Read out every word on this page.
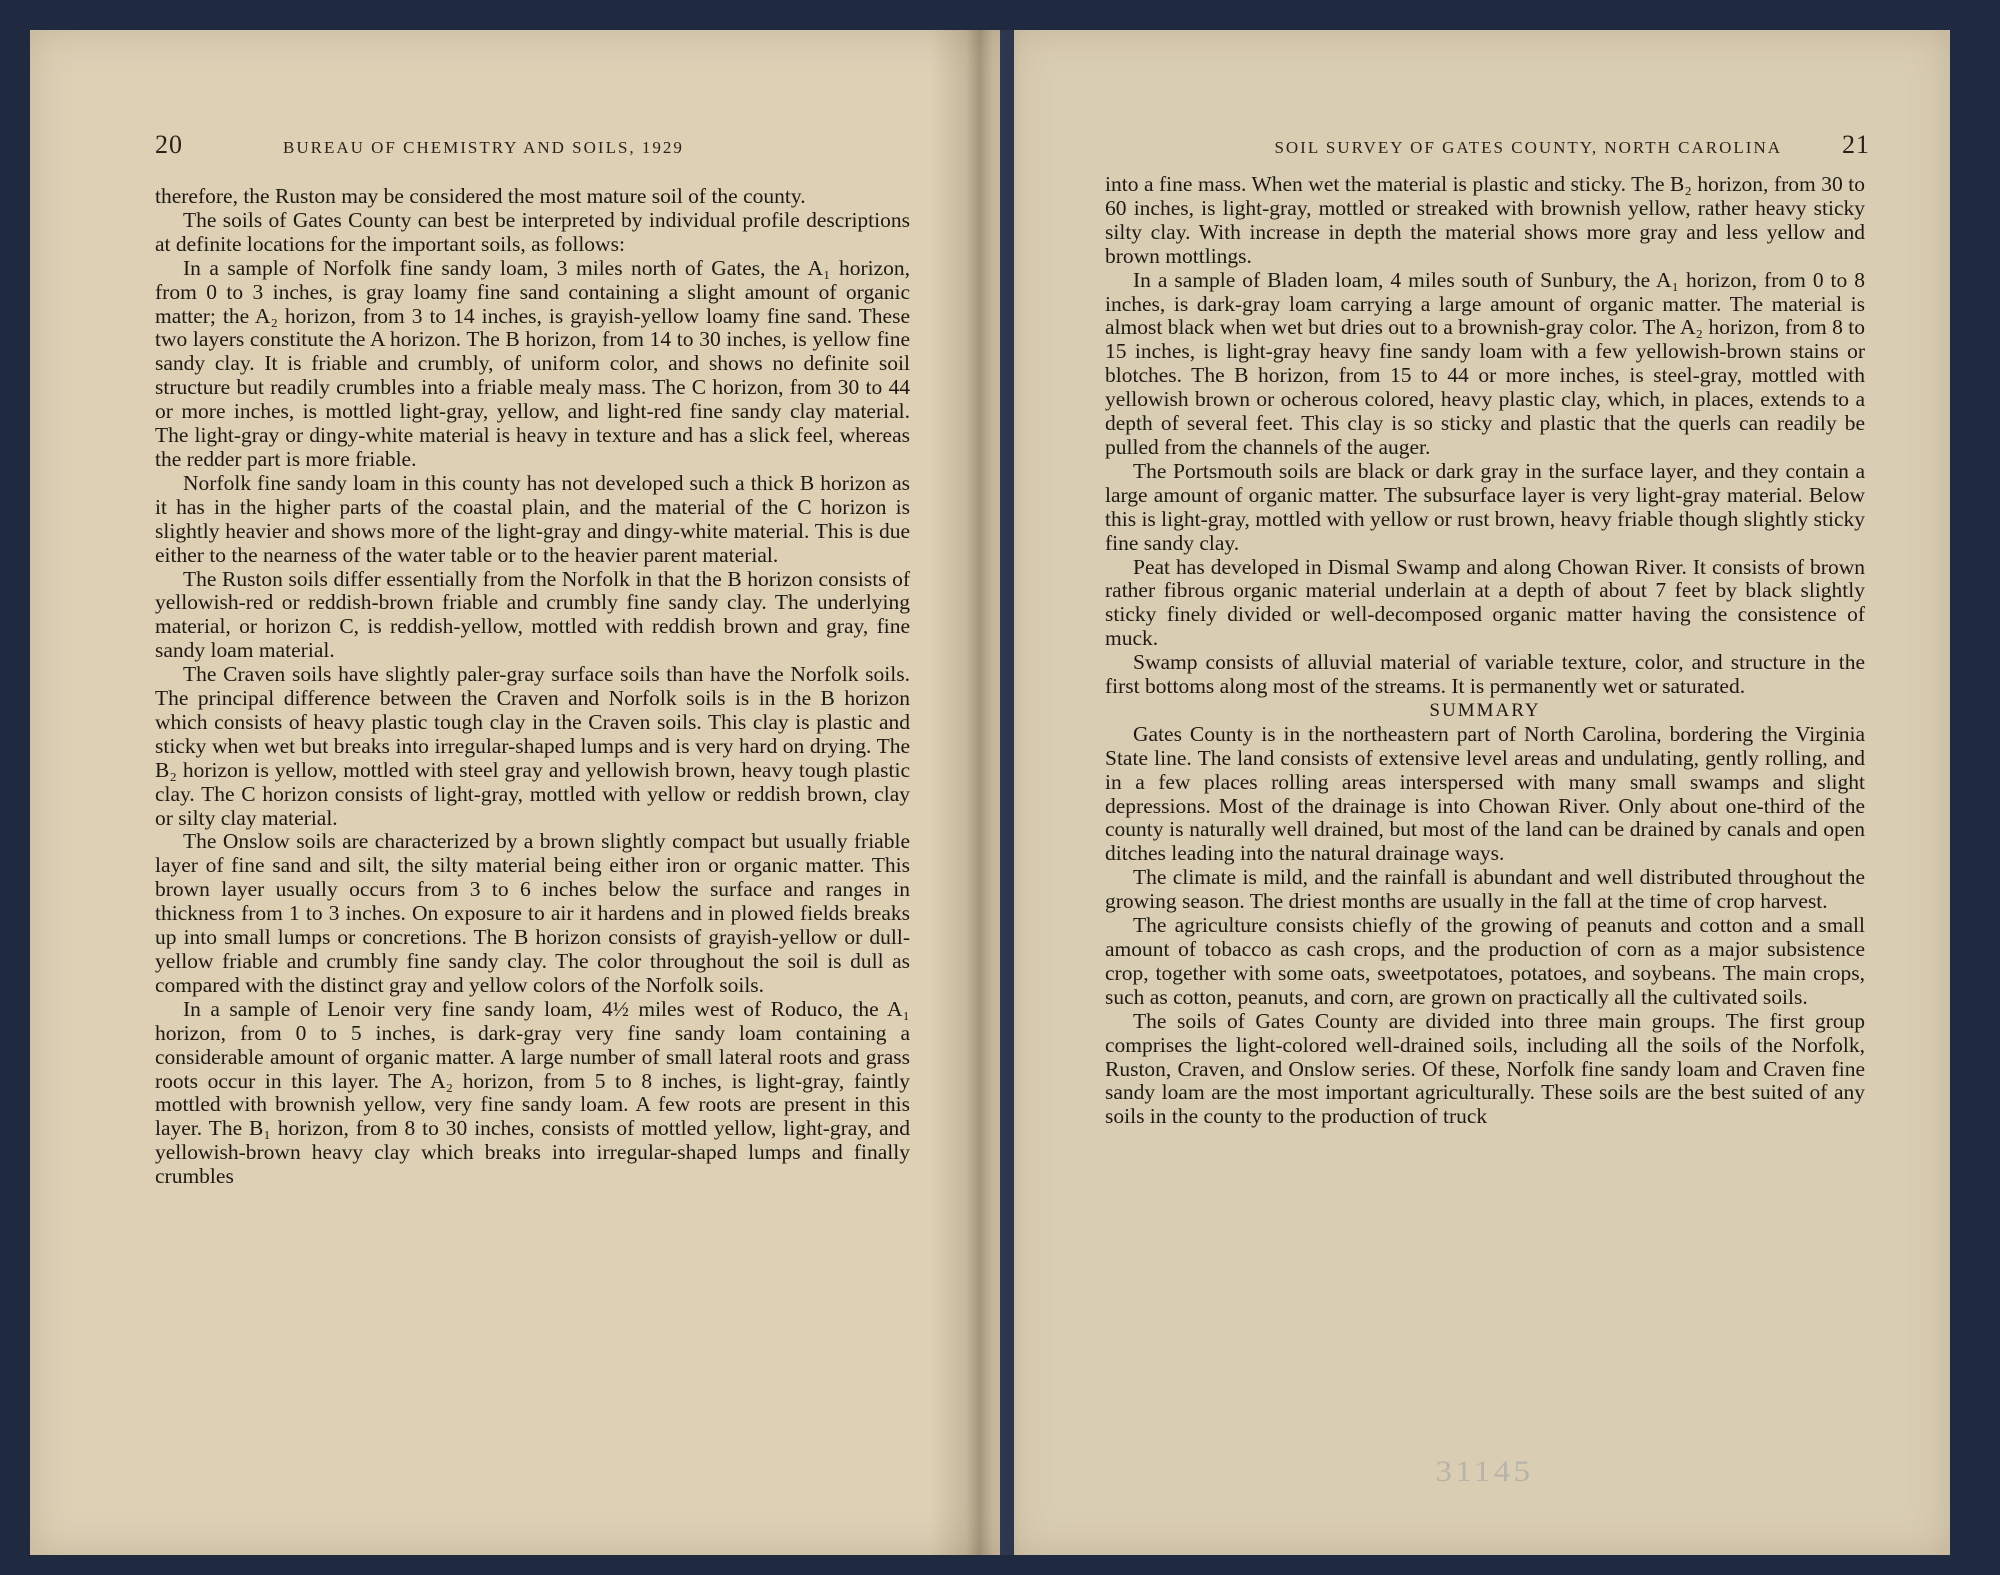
20	BUREAU OF CHEMISTRY AND SOILS, 1929	SOIL SURVEY OF GATES COUNTY, NORTH CAROLINA 21

therefore, the Ruston may be considered the most mature soil of the county.

The soils of Gates County can best be interpreted by individual profile descriptions at definite locations for the important soils, as follows:

In a sample of Norfolk fine sandy loam, 3 miles north of Gates, the A₁ horizon, from 0 to 3 inches, is gray loamy fine sand containing a slight amount of organic matter; the A₂ horizon, from 3 to 14 inches, is grayish-yellow loamy fine sand. These two layers constitute the A horizon. The B horizon, from 14 to 30 inches, is yellow fine sandy clay. It is friable and crumbly, of uniform color, and shows no definite soil structure but readily crumbles into a friable mealy mass. The C horizon, from 30 to 44 or more inches, is mottled light-gray, yellow, and light-red fine sandy clay material. The light-gray or dingy-white material is heavy in texture and has a slick feel, whereas the redder part is more friable.

Norfolk fine sandy loam in this county has not developed such a thick B horizon as it has in the higher parts of the coastal plain, and the material of the C horizon is slightly heavier and shows more of the light-gray and dingy-white material. This is due either to the nearness of the water table or to the heavier parent material.

The Ruston soils differ essentially from the Norfolk in that the B horizon consists of yellowish-red or reddish-brown friable and crumbly fine sandy clay. The underlying material, or horizon C, is reddish-yellow, mottled with reddish brown and gray, fine sandy loam material.

The Craven soils have slightly paler-gray surface soils than have the Norfolk soils. The principal difference between the Craven and Norfolk soils is in the B horizon which consists of heavy plastic tough clay in the Craven soils. This clay is plastic and sticky when wet but breaks into irregular-shaped lumps and is very hard on drying. The B₂ horizon is yellow, mottled with steel gray and yellowish brown, heavy tough plastic clay. The C horizon consists of light-gray, mottled with yellow or reddish brown, clay or silty clay material.

The Onslow soils are characterized by a brown slightly compact but usually friable layer of fine sand and silt, the silty material being either iron or organic matter. This brown layer usually occurs from 3 to 6 inches below the surface and ranges in thickness from 1 to 3 inches. On exposure to air it hardens and in plowed fields breaks up into small lumps or concretions. The B horizon consists of grayish-yellow or dull-yellow friable and crumbly fine sandy clay. The color throughout the soil is dull as compared with the distinct gray and yellow colors of the Norfolk soils.

In a sample of Lenoir very fine sandy loam, 4½ miles west of Roduco, the A₁ horizon, from 0 to 5 inches, is dark-gray very fine sandy loam containing a considerable amount of organic matter. A large number of small lateral roots and grass roots occur in this layer. The A₂ horizon, from 5 to 8 inches, is light-gray, faintly mottled with brownish yellow, very fine sandy loam. A few roots are present in this layer. The B₁ horizon, from 8 to 30 inches, consists of mottled yellow, light-gray, and yellowish-brown heavy clay which breaks into irregular-shaped lumps and finally crumbles

into a fine mass. When wet the material is plastic and sticky. The B₂ horizon, from 30 to 60 inches, is light-gray, mottled or streaked with brownish yellow, rather heavy sticky silty clay. With increase in depth the material shows more gray and less yellow and brown mottlings.

In a sample of Bladen loam, 4 miles south of Sunbury, the A₁ horizon, from 0 to 8 inches, is dark-gray loam carrying a large amount of organic matter. The material is almost black when wet but dries out to a brownish-gray color. The A₂ horizon, from 8 to 15 inches, is light-gray heavy fine sandy loam with a few yellowish-brown stains or blotches. The B horizon, from 15 to 44 or more inches, is steel-gray, mottled with yellowish brown or ocherous colored, heavy plastic clay, which, in places, extends to a depth of several feet. This clay is so sticky and plastic that the querls can readily be pulled from the channels of the auger.

The Portsmouth soils are black or dark gray in the surface layer, and they contain a large amount of organic matter. The subsurface layer is very light-gray material. Below this is light-gray, mottled with yellow or rust brown, heavy friable though slightly sticky fine sandy clay.

Peat has developed in Dismal Swamp and along Chowan River. It consists of brown rather fibrous organic material underlain at a depth of about 7 feet by black slightly sticky finely divided or well-decomposed organic matter having the consistence of muck.

Swamp consists of alluvial material of variable texture, color, and structure in the first bottoms along most of the streams. It is permanently wet or saturated.

SUMMARY

Gates County is in the northeastern part of North Carolina, bordering the Virginia State line. The land consists of extensive level areas and undulating, gently rolling, and in a few places rolling areas interspersed with many small swamps and slight depressions. Most of the drainage is into Chowan River. Only about one-third of the county is naturally well drained, but most of the land can be drained by canals and open ditches leading into the natural drainage ways.

The climate is mild, and the rainfall is abundant and well distributed throughout the growing season. The driest months are usually in the fall at the time of crop harvest.

The agriculture consists chiefly of the growing of peanuts and cotton and a small amount of tobacco as cash crops, and the production of corn as a major subsistence crop, together with some oats, sweetpotatoes, potatoes, and soybeans. The main crops, such as cotton, peanuts, and corn, are grown on practically all the cultivated soils.

The soils of Gates County are divided into three main groups. The first group comprises the light-colored well-drained soils, including all the soils of the Norfolk, Ruston, Craven, and Onslow series. Of these, Norfolk fine sandy loam and Craven fine sandy loam are the most important agriculturally. These soils are the best suited of any soils in the county to the production of truck

31145
